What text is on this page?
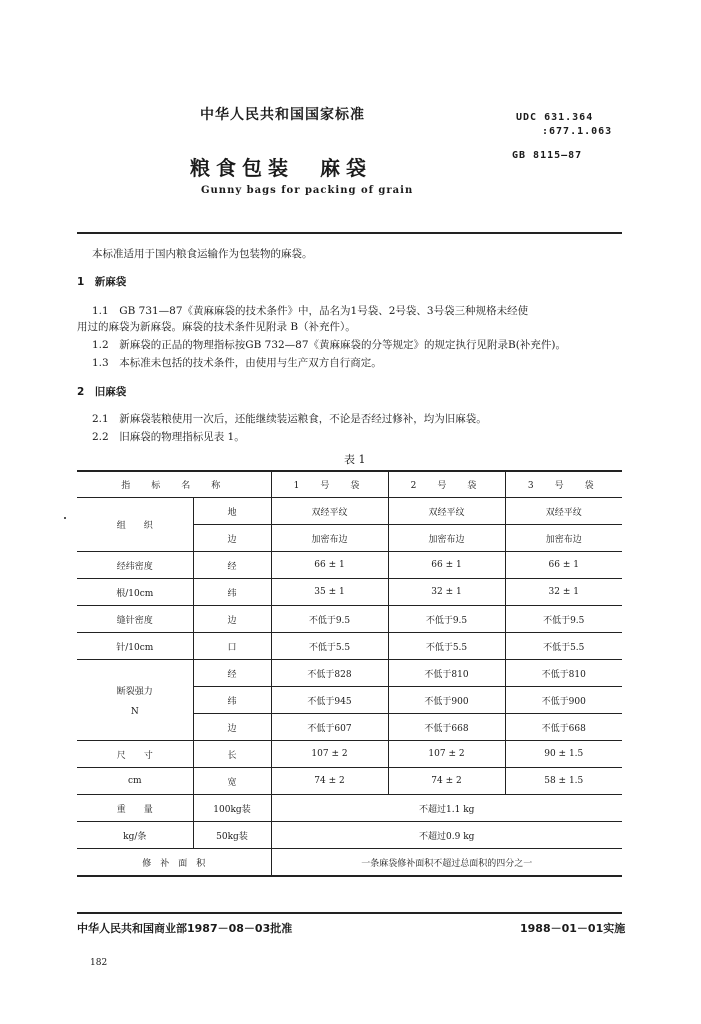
中华人民共和国国家标准	UDC 631.364
:677.1.063
GB 8115—87
粮食包装　麻袋
Gunny bags for packing of grain
本标准适用于国内粮食运输作为包装物的麻袋。
1　新麻袋
1.1　GB 731—87《黄麻麻袋的技术条件》中，品名为1号袋、2号袋、3号袋三种规格未经使
用过的麻袋为新麻袋。麻袋的技术条件见附录 B（补充件）。
1.2　新麻袋的正品的物理指标按GB 732—87《黄麻麻袋的分等规定》的规定执行见附录B(补充件)。
1.3　本标准未包括的技术条件，由使用与生产双方自行商定。
2　旧麻袋
2.1　新麻袋装粮使用一次后，还能继续装运粮食，不论是否经过修补，均为旧麻袋。
2.2　旧麻袋的物理指标见表 1。
表 1
指　标　名　称		1　号　袋	2　号　袋	3　号　袋
组　　织	地	双经平纹	双经平纹	双经平纹
	边	加密布边	加密布边	加密布边
经纬密度	经	66 ± 1	66 ± 1	66 ± 1
根/10cm	纬	35 ± 1	32 ± 1	32 ± 1
缝针密度	边	不低于9.5	不低于9.5	不低于9.5
针/10cm	口	不低于5.5	不低于5.5	不低于5.5

断裂强力
N	经	不低于828	不低于810	不低于810
	纬	不低于945	不低于900	不低于900
	边	不低于607	不低于668	不低于668
尺　　寸	长	107 ± 2	107 ± 2	90 ± 1.5
cm	宽	74 ± 2	74 ± 2	58 ± 1.5
重　　量	100kg装	不超过1.1 kg		
kg/条	50kg装	不超过0.9 kg		
修　补　面　积		一条麻袋修补面积不超过总面积的四分之一		
中华人民共和国商业部1987－08－03批准	1988－01－01实施
182
